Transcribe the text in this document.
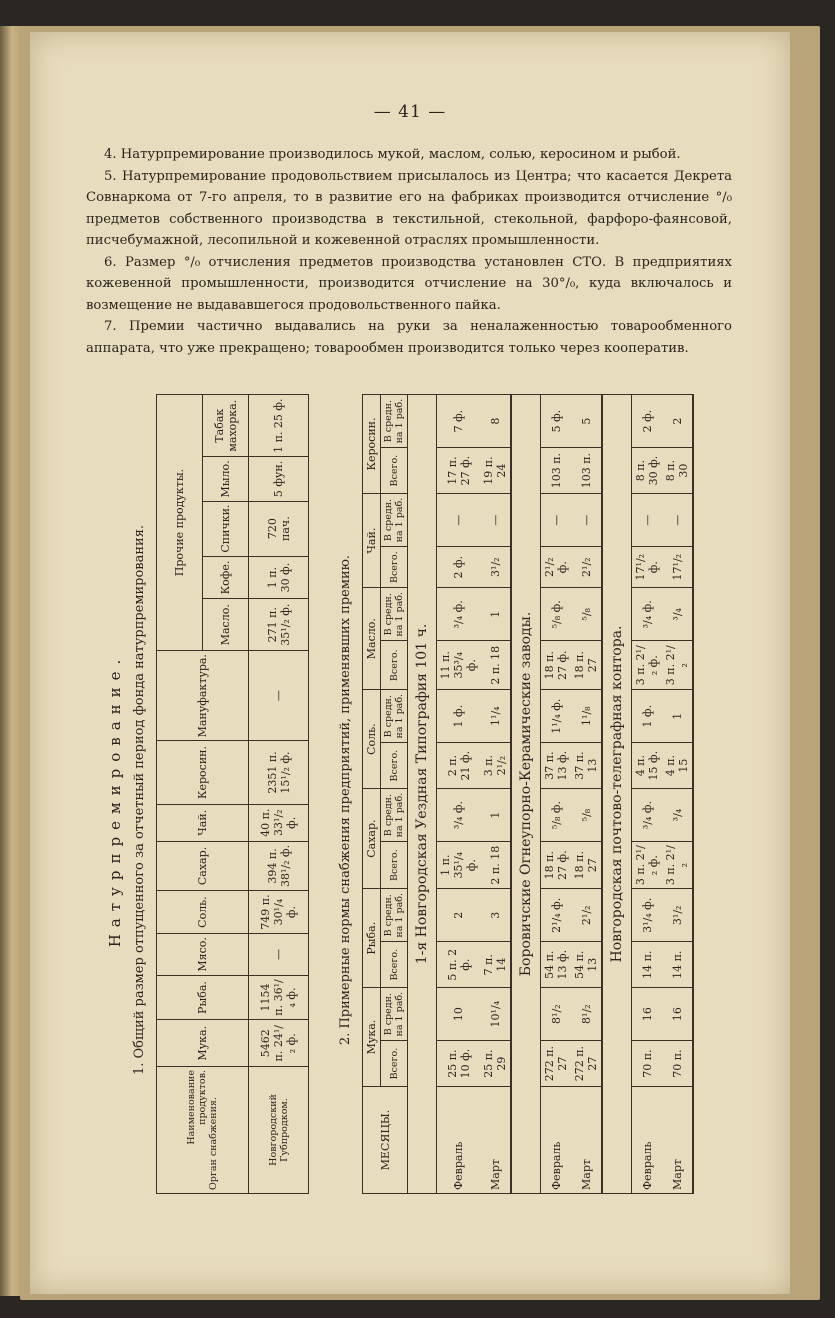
— 41 —

4. Натурпремирование производилось мукой, маслом, солью, керосином и рыбой.

5. Натурпремирование продовольствием присылалось из Центра; что касается Декрета Совнаркома от 7-го апреля, то в развитие его на фабриках производится отчисление °/₀ предметов собственного производства в текстильной, стекольной, фарфоро-фаянсовой, писчебумажной, лесопильной и кожевенной отраслях промышленности.

6. Размер °/₀ отчисления предметов производства установлен СТО. В предприятиях кожевенной промышленности, производится отчисление на 30°/₀, куда включалось и возмещение не выдававшегося продовольственного пайка.

7. Премии частично выдавались на руки за неналаженностью товарообменного аппарата, что уже прекращено; товарообмен производится только через кооператив.

Натурпремирование. 1. Общий размер отпущенного за отчетный период фонда натурпремирования.
Наименование продуктов. Орган снабжения.	Мука.	Рыба.	Мясо.	Соль.	Сахар.	Чай.	Керосин.	Мануфактура.	Прочие продукты.				
									Масло.	Кофе.	Спички.	Мыло.	Табак махорка.
Новгородский Губпродком.	5462 п. 24¹/₂ ф.	1154 п. 36¹/₄ ф.	—	749 п. 30¹/₄ ф.	394 п. 38¹/₂ ф.	40 п. 33¹/₂ ф.	2351 п. 15¹/₂ ф.	—	271 п. 35¹/₂ ф.	1 п. 30 ф.	720 пач.	5 фун.	1 п. 25 ф.
2. Примерные нормы снабжения предприятий, применявших премию.
МЕСЯЦЫ.	Мука.		Рыба.		Сахар.		Соль.		Масло.		Чай.		Керосин.	
	Всего.	В средн. на 1 раб.	Всего.	В средн. на 1 раб.	Всего.	В средн. на 1 раб.	Всего.	В средн. на 1 раб.	Всего.	В средн. на 1 раб.	Всего.	В средн. на 1 раб.	Всего.	В средн. на 1 раб.
1-я Новгородская Уездная Типография 101 ч.														
Февраль	25 п. 10 ф.	10	5 п. 2 ф.	2	1 п. 35¹/₄ ф.	³/₄ ф.	2 п. 21 ф.	1 ф.	11 п. 35³/₄ ф.	³/₄ ф.	2 ф.	—	17 п. 27 ф.	7 ф.
Март	25 п. 29	10¹/₄	7 п. 14	3	2 п. 18	1	3 п. 2¹/₂	1¹/₄	2 п. 18	1	3¹/₂	—	19 п. 24	8
Боровичские Огнеупорно-Керамические заводы.														
Февраль	272 п. 27	8¹/₂	54 п. 13 ф.	2¹/₄ ф.	18 п. 27 ф.	⁵/₈ ф.	37 п. 13 ф.	1¹/₄ ф.	18 п. 27 ф.	⁵/₈ ф.	2¹/₂ ф.	—	103 п.	5 ф.
Март	272 п. 27	8¹/₂	54 п. 13	2¹/₂	18 п. 27	⁵/₈	37 п. 13	1¹/₈	18 п. 27	⁵/₈	2¹/₂	—	103 п.	5
Новгородская почтово-телеграфная контора.														
Февраль	70 п.	16	14 п.	3¹/₄ ф.	3 п. 2¹/₂ ф.	³/₄ ф.	4 п. 15 ф.	1 ф.	3 п. 2¹/₂ ф.	³/₄ ф.	17¹/₂ ф.	—	8 п. 30 ф.	2 ф.
Март	70 п.	16	14 п.	3¹/₂	3 п. 2¹/₂	³/₄	4 п. 15	1	3 п. 2¹/₂	³/₄	17¹/₂	—	8 п. 30	2
